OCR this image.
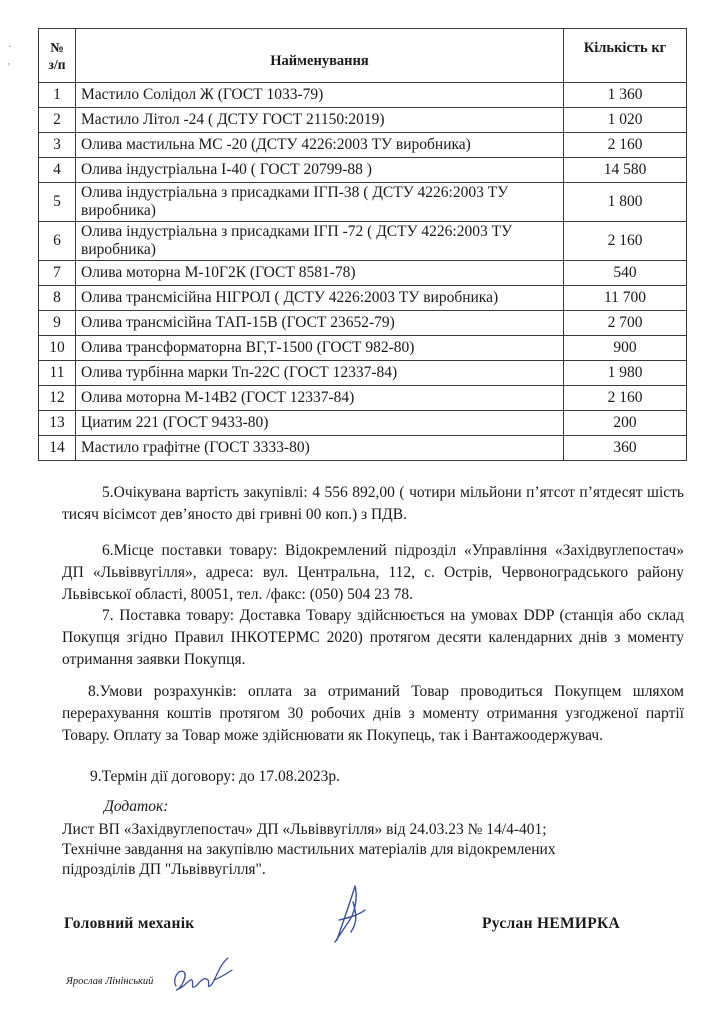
·
'
№ з/п	Найменування	Кількість кг
1	Мастило Солідол Ж (ГОСТ 1033-79)	1 360
2	Мастило Літол -24 ( ДСТУ ГОСТ 21150:2019)	1 020
3	Олива мастильна МС -20 (ДСТУ 4226:2003 ТУ виробника)	2 160
4	Олива індустріальна І-40 ( ГОСТ 20799-88 )	14 580
5	Олива індустріальна з присадками ІГП-38 ( ДСТУ 4226:2003 ТУ виробника)	1 800
6	Олива індустріальна з присадками ІГП -72 ( ДСТУ 4226:2003 ТУ виробника)	2 160
7	Олива моторна М-10Г2К (ГОСТ 8581-78)	540
8	Олива трансмісійна НІГРОЛ ( ДСТУ 4226:2003 ТУ виробника)	11 700
9	Олива трансмісійна ТАП-15В (ГОСТ 23652-79)	2 700
10	Олива трансформаторна ВГ,Т-1500 (ГОСТ 982-80)	900
11	Олива турбінна марки Тп-22С (ГОСТ 12337-84)	1 980
12	Олива моторна М-14В2 (ГОСТ 12337-84)	2 160
13	Циатим 221 (ГОСТ 9433-80)	200
14	Мастило графітне (ГОСТ 3333-80)	360

5.Очікувана вартість закупівлі: 4 556 892,00 ( чотири мільйони п’ятсот п’ятдесят шість тисяч вісімсот дев’яносто дві гривні 00 коп.) з ПДВ.

6.Місце поставки товару: Відокремлений підрозділ «Управління «Західвуглепостач» ДП «Львіввугілля», адреса: вул. Центральна, 112, с. Острів, Червоноградського району Львівської області, 80051, тел. /факс: (050) 504 23 78.

7. Поставка товару: Доставка Товару здійснюється на умовах DDP (станція або склад Покупця згідно Правил ІНКОТЕРМС 2020) протягом десяти календарних днів з моменту отримання заявки Покупця.

8.Умови розрахунків: оплата за отриманий Товар проводиться Покупцем шляхом перерахування коштів протягом 30 робочих днів з моменту отримання узгодженої партії Товару. Оплату за Товар може здійснювати як Покупець, так і Вантажоодержувач.

9.Термін дії договору: до 17.08.2023р.

Додаток:
Лист ВП «Західвуглепостач» ДП «Львіввугілля» від 24.03.23 № 14/4-401;
Технічне завдання на закупівлю мастильних матеріалів для відокремлених
підрозділів ДП "Львіввугілля".
Головний механік	Руслан НЕМИРКА
Ярослав Лінінський
